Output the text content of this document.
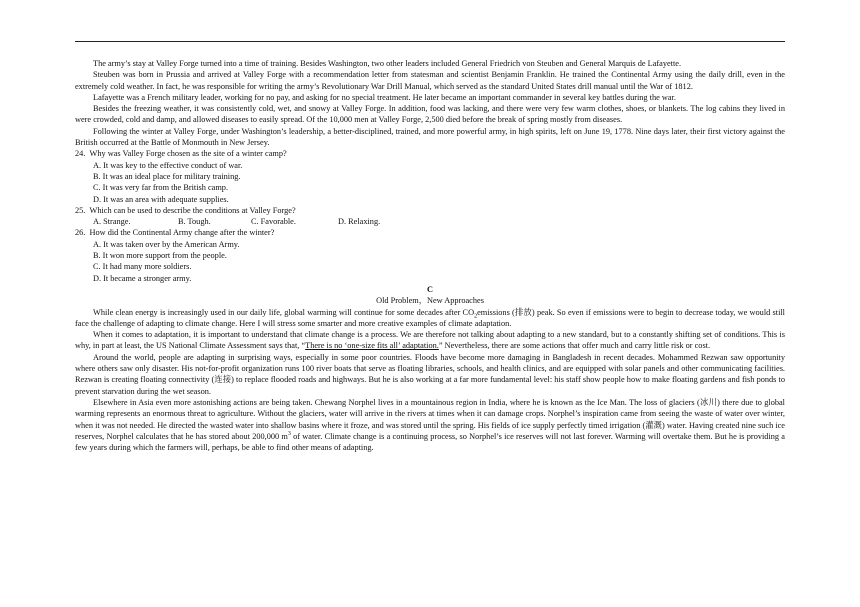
The army’s stay at Valley Forge turned into a time of training. Besides Washington, two other leaders included General Friedrich von Steuben and General Marquis de Lafayette.

Steuben was born in Prussia and arrived at Valley Forge with a recommendation letter from statesman and scientist Benjamin Franklin. He trained the Continental Army using the daily drill, even in the extremely cold weather. In fact, he was responsible for writing the army’s Revolutionary War Drill Manual, which served as the standard United States drill manual until the War of 1812.

Lafayette was a French military leader, working for no pay, and asking for no special treatment. He later became an important commander in several key battles during the war.

Besides the freezing weather, it was consistently cold, wet, and snowy at Valley Forge. In addition, food was lacking, and there were very few warm clothes, shoes, or blankets. The log cabins they lived in were crowded, cold and damp, and allowed diseases to easily spread. Of the 10,000 men at Valley Forge, 2,500 died before the break of spring mostly from diseases.

Following the winter at Valley Forge, under Washington’s leadership, a better-disciplined, trained, and more powerful army, in high spirits, left on June 19, 1778. Nine days later, their first victory against the British occurred at the Battle of Monmouth in New Jersey.

24.  Why was Valley Forge chosen as the site of a winter camp?
A. It was key to the effective conduct of war.
B. It was an ideal place for military training.
C. It was very far from the British camp.
D. It was an area with adequate supplies.
25.  Which can be used to describe the conditions at Valley Forge?
A. Strange.	B. Tough.	C. Favorable.	D. Relaxing.
26.  How did the Continental Army change after the winter?
A. It was taken over by the American Army.
B. It won more support from the people.
C. It had many more soldiers.
D. It became a stronger army.
C
Old Problem，New Approaches

While clean energy is increasingly used in our daily life, global warming will continue for some decades after $CO_2emissions$ (排放) peak. So even if emissions were to begin to decrease today, we would still face the challenge of adapting to climate change. Here I will stress some smarter and more creative examples of climate adaptation.

When it comes to adaptation, it is important to understand that climate change is a process. We are therefore not talking about adapting to a new standard, but to a constantly shifting set of conditions. This is why, in part at least, the US National Climate Assessment says that, “There is no ‘one-size fits all’ adaptation.” Nevertheless, there are some actions that offer much and carry little risk or cost.

Around the world, people are adapting in surprising ways, especially in some poor countries. Floods have become more damaging in Bangladesh in recent decades. Mohammed Rezwan saw opportunity where others saw only disaster. His not-for-profit organization runs 100 river boats that serve as floating libraries, schools, and health clinics, and are equipped with solar panels and other communicating facilities. Rezwan is creating floating connectivity (连接) to replace flooded roads and highways. But he is also working at a far more fundamental level: his staff show people how to make floating gardens and fish ponds to prevent starvation during the wet season.

Elsewhere in Asia even more astonishing actions are being taken. Chewang Norphel lives in a mountainous region in India, where he is known as the Ice Man. The loss of glaciers (冰川) there due to global warming represents an enormous threat to agriculture. Without the glaciers, water will arrive in the rivers at times when it can damage crops. Norphel’s inspiration came from seeing the waste of water over winter, when it was not needed. He directed the wasted water into shallow basins where it froze, and was stored until the spring. His fields of ice supply perfectly timed irrigation (灌溉) water. Having created nine such ice reserves, Norphel calculates that he has stored about 200,000 $m^3$ of water. Climate change is a continuing process, so Norphel’s ice reserves will not last forever. Warming will overtake them. But he is providing a few years during which the farmers will, perhaps, be able to find other means of adapting.
